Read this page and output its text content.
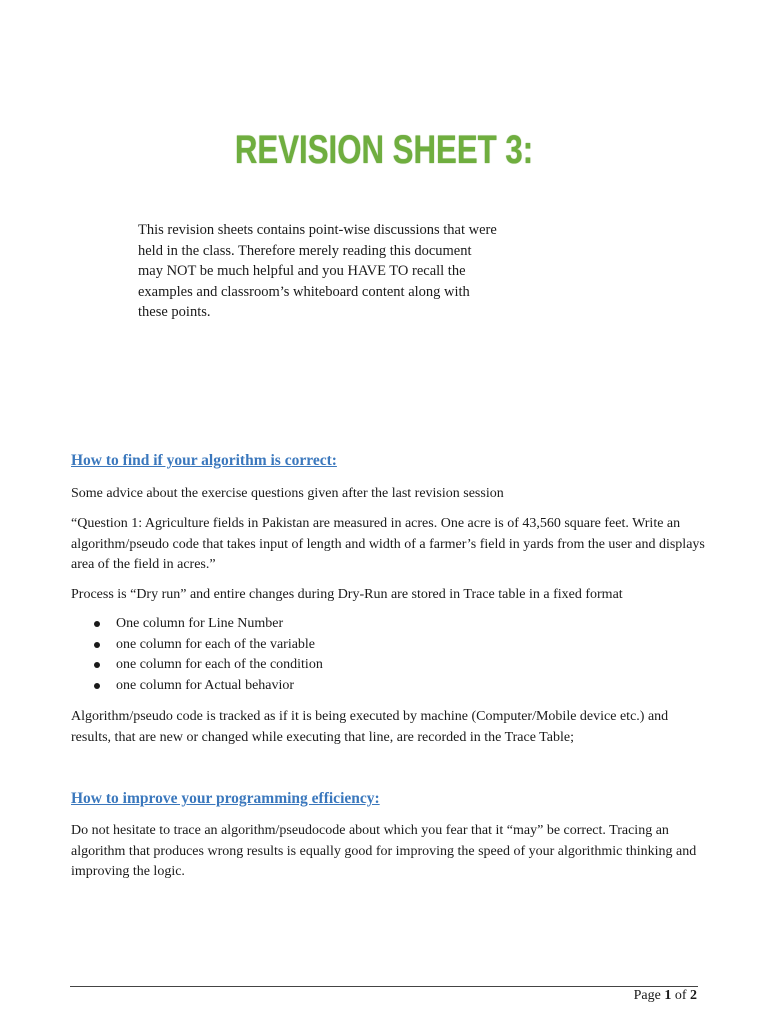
REVISION SHEET 3:

This revision sheets contains point-wise discussions that were held in the class. Therefore merely reading this document may NOT be much helpful and you HAVE TO recall the examples and classroom’s whiteboard content along with these points.

How to find if your algorithm is correct:

Some advice about the exercise questions given after the last revision session

“Question 1: Agriculture fields in Pakistan are measured in acres. One acre is of 43,560 square feet. Write an algorithm/pseudo code that takes input of length and width of a farmer’s field in yards from the user and displays area of the field in acres.”

Process is “Dry run” and entire changes during Dry-Run are stored in Trace table in a fixed format

One column for Line Number
one column for each of the variable
one column for each of the condition
one column for Actual behavior

Algorithm/pseudo code is tracked as if it is being executed by machine (Computer/Mobile device etc.) and results, that are new or changed while executing that line, are recorded in the Trace Table;

How to improve your programming efficiency:

Do not hesitate to trace an algorithm/pseudocode about which you fear that it “may” be correct. Tracing an algorithm that produces wrong results is equally good for improving the speed of your algorithmic thinking and improving the logic.

Page 1 of 2
